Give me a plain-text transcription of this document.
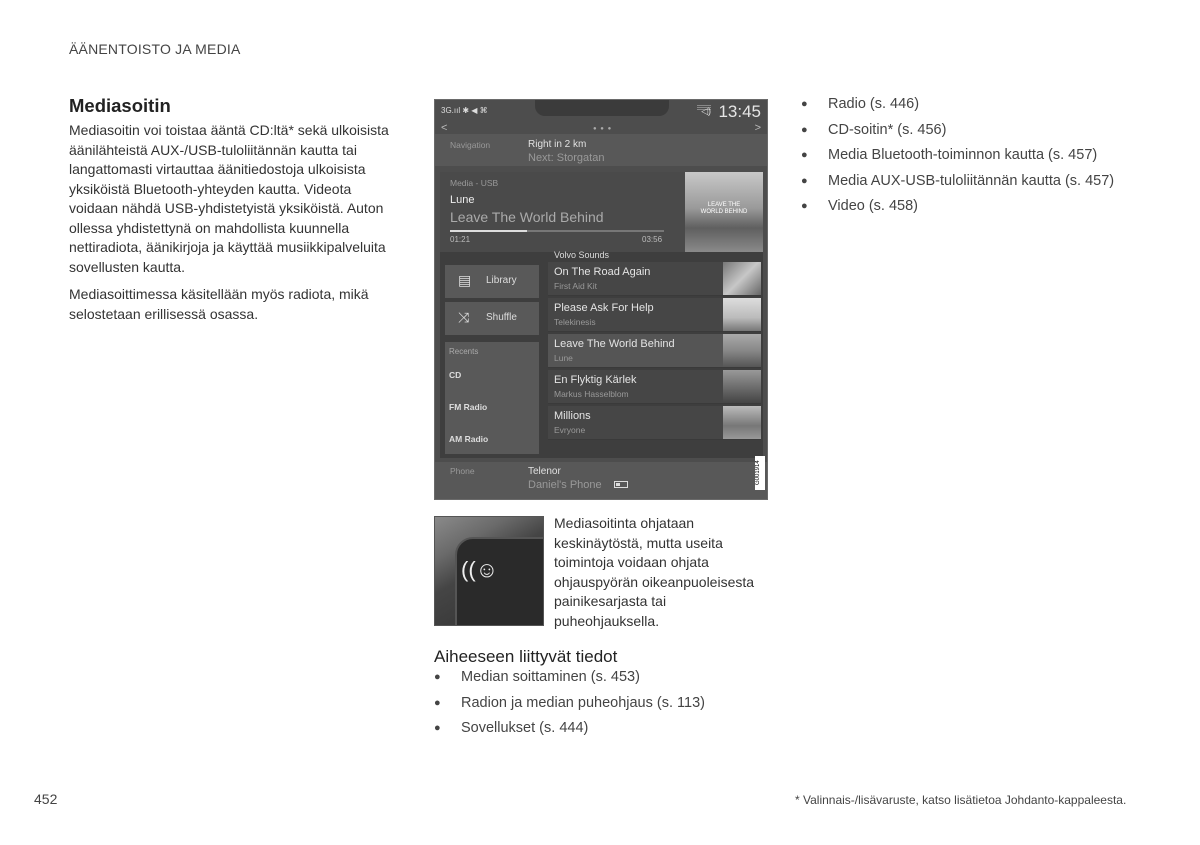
ÄÄNENTOISTO JA MEDIA
Mediasoitin
Mediasoitin voi toistaa ääntä CD:ltä* sekä ulkoisista äänilähteistä AUX-/USB-tuloliitännän kautta tai langattomasti virtauttaa äänitiedostoja ulkoisista yksiköistä Bluetooth-yhteyden kautta. Videota voidaan nähdä USB-yhdistetyistä yksiköistä. Auton ollessa yhdistettynä on mahdollista kuunnella nettiradiota, äänikirjoja ja käyttää musiikkipalveluita sovellusten kautta.
Mediasoittimessa käsitellään myös radiota, mikä selostetaan erillisessä osassa.
3G.ııl ✱ ◀ ⌘	◁) 13:45
<	● ● ●	>
Navigation	Right in 2 km
Next: Storgatan
Media - USB
Lune
Leave The World Behind
01:21	03:56
LEAVE THE WORLD BEHIND
▤ Library
⤨ Shuffle
Recents
CD
FM Radio
AM Radio
Volvo Sounds
On The Road Again
First Aid Kit
Please Ask For Help
Telekinesis
Leave The World Behind
Lune
En Flyktig Kärlek
Markus Hasselblom
Millions
Evryone
Phone	Telenor
Daniel's Phone	G001914
((☺
Mediasoitinta ohjataan keskinäytöstä, mutta useita toimintoja voidaan ohjata ohjauspyörän oikeanpuoleisesta painikesarjasta tai puheohjauksella.
● Radio (s. 446)
● CD-soitin* (s. 456)
● Media Bluetooth-toiminnon kautta (s. 457)
● Media AUX-USB-tuloliitännän kautta (s. 457)
● Video (s. 458)
Aiheeseen liittyvät tiedot
● Median soittaminen (s. 453)
● Radion ja median puheohjaus (s. 113)
● Sovellukset (s. 444)
452	* Valinnais-/lisävaruste, katso lisätietoa Johdanto-kappaleesta.
